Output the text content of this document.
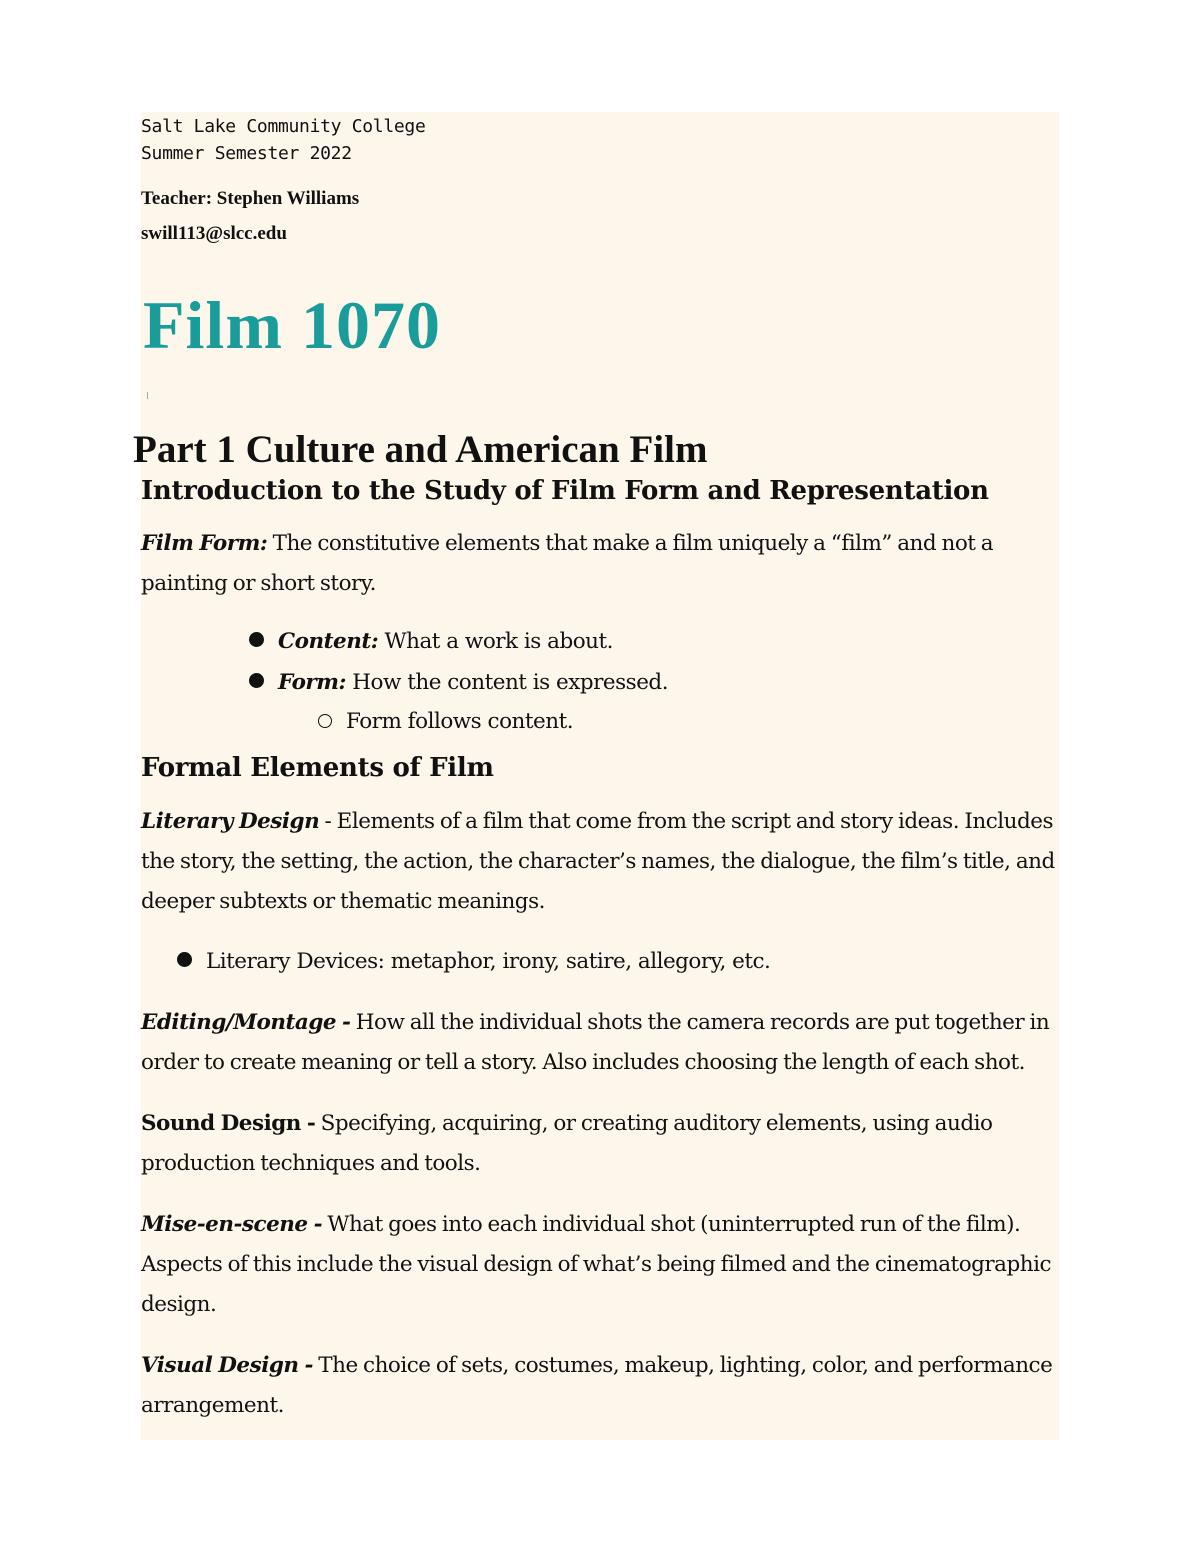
Salt Lake Community College
Summer Semester 2022
Teacher: Stephen Williams
swill113@slcc.edu
Film 1070
Part 1 Culture and American Film
Introduction to the Study of Film Form and Representation
Film Form: The constitutive elements that make a film uniquely a “film” and not a painting or short story.
Content: What a work is about.
Form: How the content is expressed.
Form follows content.
Formal Elements of Film
Literary Design - Elements of a film that come from the script and story ideas. Includes the story, the setting, the action, the character’s names, the dialogue, the film’s title, and deeper subtexts or thematic meanings.
Literary Devices: metaphor, irony, satire, allegory, etc.
Editing/Montage - How all the individual shots the camera records are put together in order to create meaning or tell a story. Also includes choosing the length of each shot.
Sound Design - Specifying, acquiring, or creating auditory elements, using audio production techniques and tools.
Mise-en-scene - What goes into each individual shot (uninterrupted run of the film). Aspects of this include the visual design of what’s being filmed and the cinematographic design.
Visual Design - The choice of sets, costumes, makeup, lighting, color, and performance arrangement.
